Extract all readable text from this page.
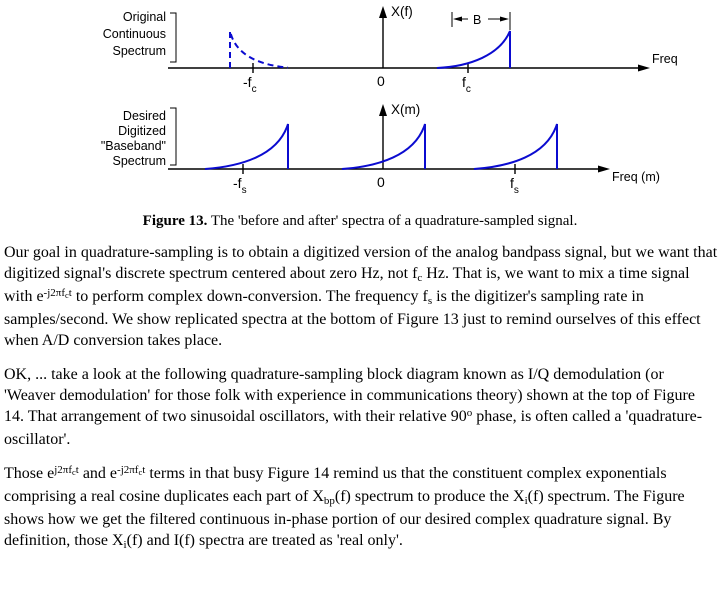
Original
Continuous
Spectrum
Freq
X(f)
$-f_c$
0	$f_c$
B
Desired
Digitized
"Baseband"
Spectrum
Freq (m)
X(m)
$-f_s$
0	$f_s$
Figure 13. The 'before and after' spectra of a quadrature-sampled signal.

Our goal in quadrature-sampling is to obtain a digitized version of the analog bandpass signal, but we want that digitized signal's discrete spectrum centered about zero Hz, not fc Hz. That is, we want to mix a time signal with $e^{-j2\pi fct}$ to perform complex down-conversion. The frequency fs is the digitizer's sampling rate in samples/second. We show replicated spectra at the bottom of Figure 13 just to remind ourselves of this effect when A/D conversion takes place.

OK, ... take a look at the following quadrature-sampling block diagram known as I/Q demodulation (or 'Weaver demodulation' for those folk with experience in communications theory) shown at the top of Figure 14. That arrangement of two sinusoidal oscillators, with their relative 90$^o$ phase, is often called a 'quadrature-oscillator'.

Those $e^{j2\pi fct}$ and $e^{-j2\pi fct}$ terms in that busy Figure 14 remind us that the constituent complex exponentials comprising a real cosine duplicates each part of Xbp(f) spectrum to produce the Xi(f) spectrum. The Figure shows how we get the filtered continuous in-phase portion of our desired complex quadrature signal. By definition, those Xi(f) and I(f) spectra are treated as 'real only'.
